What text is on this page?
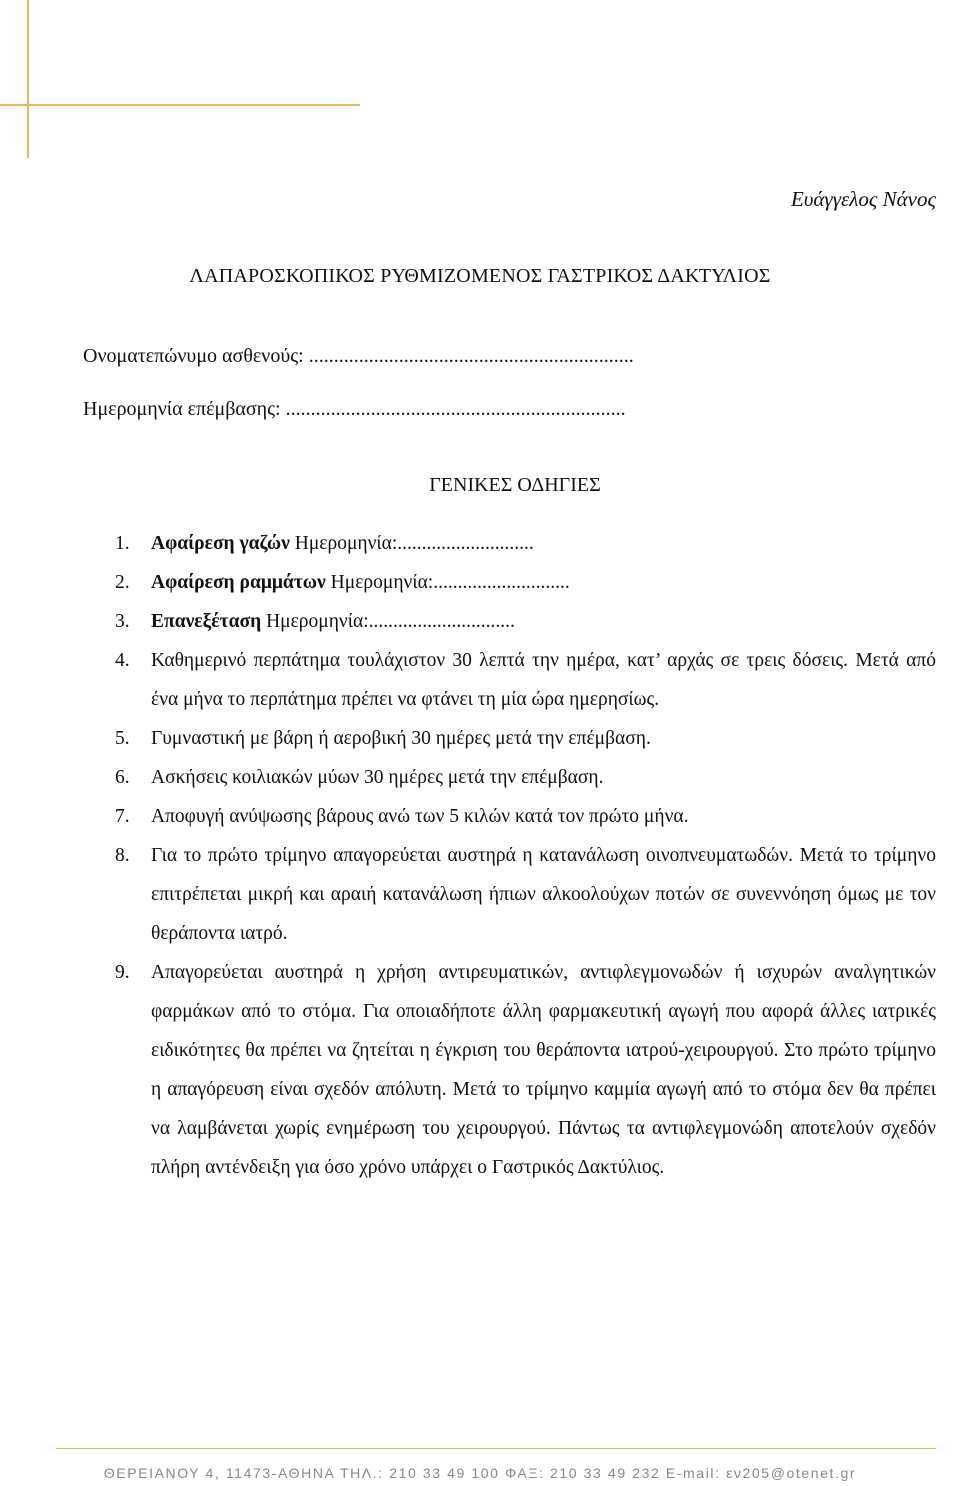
Ευάγγελος Νάνος
ΛΑΠΑΡΟΣΚΟΠΙΚΟΣ ΡΥΘΜΙΖΟΜΕΝΟΣ ΓΑΣΤΡΙΚΟΣ ΔΑΚΤΥΛΙΟΣ
Ονοματεπώνυμο ασθενούς: .................................................................
Ημερομηνία επέμβασης: ....................................................................
ΓΕΝΙΚΕΣ ΟΔΗΓΙΕΣ
1. Αφαίρεση γαζών Ημερομηνία:............................
2. Αφαίρεση ραμμάτων Ημερομηνία:............................
3. Επανεξέταση Ημερομηνία:..............................
4. Καθημερινό περπάτημα τουλάχιστον 30 λεπτά την ημέρα, κατ’ αρχάς σε τρεις δόσεις. Μετά από ένα μήνα το περπάτημα πρέπει να φτάνει τη μία ώρα ημερησίως.
5. Γυμναστική με βάρη ή αεροβική 30 ημέρες μετά την επέμβαση.
6. Ασκήσεις κοιλιακών μύων 30 ημέρες μετά την επέμβαση.
7. Αποφυγή ανύψωσης βάρους ανώ των 5 κιλών κατά τον πρώτο μήνα.
8. Για το πρώτο τρίμηνο απαγορεύεται αυστηρά η κατανάλωση οινοπνευματωδών. Μετά το τρίμηνο επιτρέπεται μικρή και αραιή κατανάλωση ήπιων αλκοολούχων ποτών σε συνεννόηση όμως με τον θεράποντα ιατρό.
9. Απαγορεύεται αυστηρά η χρήση αντιρευματικών, αντιφλεγμονωδών ή ισχυρών αναλγητικών φαρμάκων από το στόμα. Για οποιαδήποτε άλλη φαρμακευτική αγωγή που αφορά άλλες ιατρικές ειδικότητες θα πρέπει να ζητείται η έγκριση του θεράποντα ιατρού-χειρουργού. Στο πρώτο τρίμηνο η απαγόρευση είναι σχεδόν απόλυτη. Μετά το τρίμηνο καμμία αγωγή από το στόμα δεν θα πρέπει να λαμβάνεται χωρίς ενημέρωση του χειρουργού. Πάντως τα αντιφλεγμονώδη αποτελούν σχεδόν πλήρη αντένδειξη για όσο χρόνο υπάρχει ο Γαστρικός Δακτύλιος.
ΘΕΡΕΙΑΝΟΥ 4, 11473-ΑΘΗΝΑ ΤΗΛ.: 210 33 49 100 ΦΑΞ: 210 33 49 232 E-mail: εν205@otenet.gr
